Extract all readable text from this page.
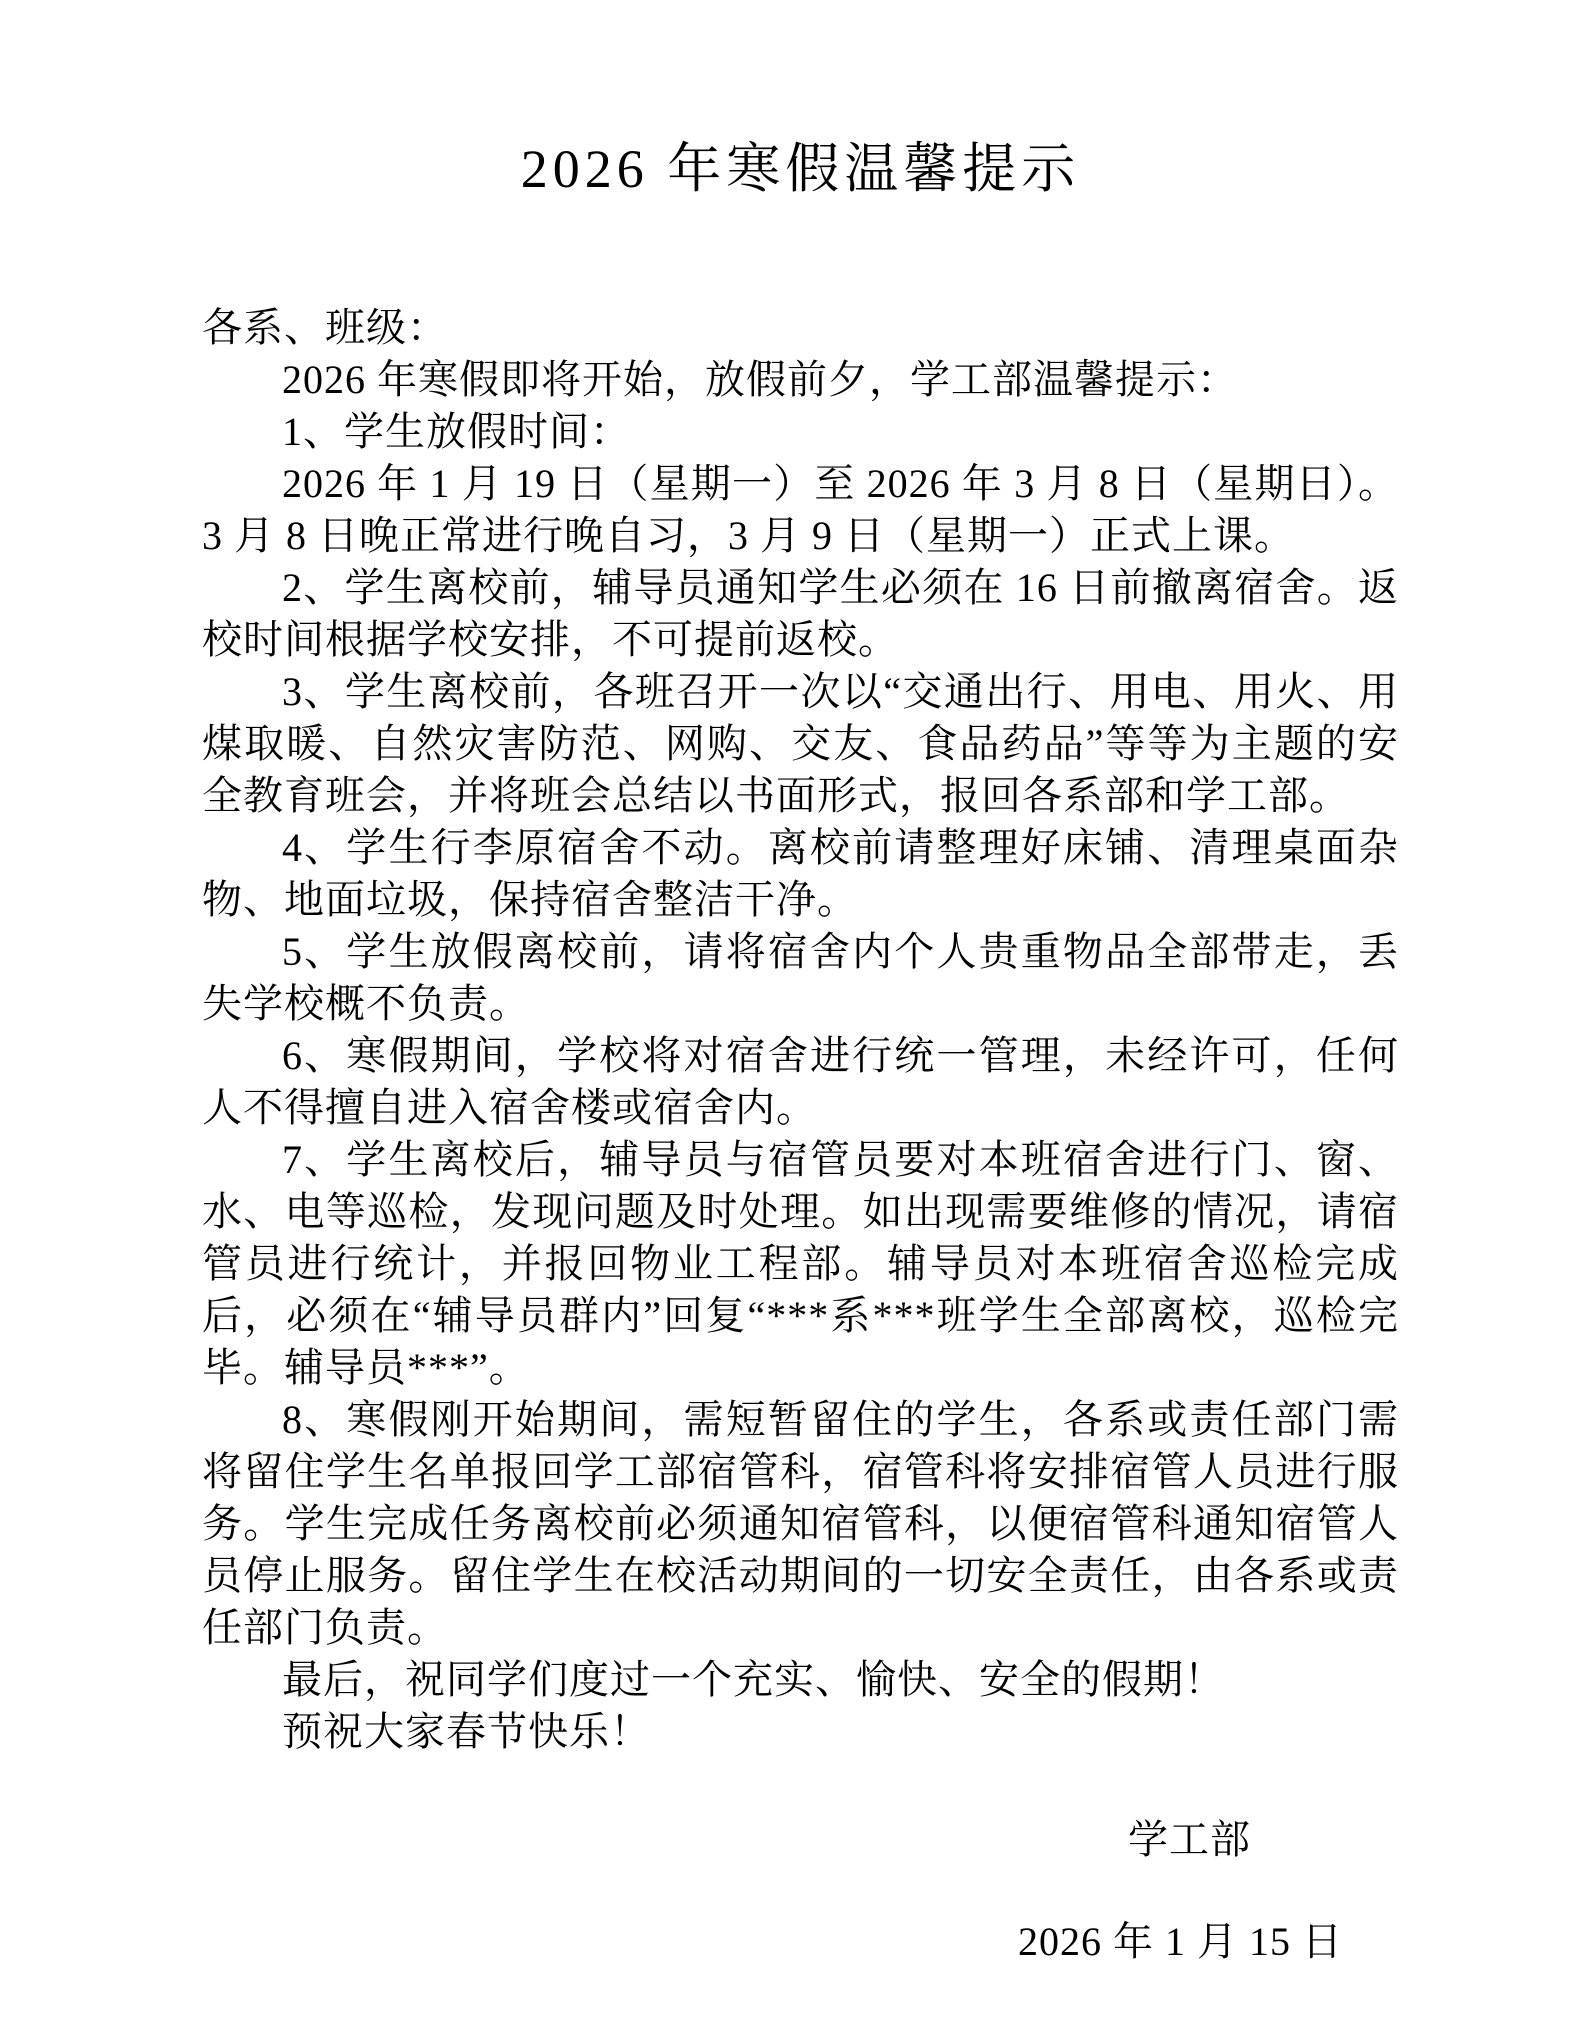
2026 年寒假温馨提示

各系、班级：

2026 年寒假即将开始，放假前夕，学工部温馨提示：

1、学生放假时间：

2026 年 1 月 19 日（星期一）至 2026 年 3 月 8 日（星期日）。3 月 8 日晚正常进行晚自习，3 月 9 日（星期一）正式上课。

2、学生离校前，辅导员通知学生必须在 16 日前撤离宿舍。返校时间根据学校安排，不可提前返校。

3、学生离校前，各班召开一次以“交通出行、用电、用火、用煤取暖、自然灾害防范、网购、交友、食品药品”等等为主题的安全教育班会，并将班会总结以书面形式，报回各系部和学工部。

4、学生行李原宿舍不动。离校前请整理好床铺、清理桌面杂物、地面垃圾，保持宿舍整洁干净。

5、学生放假离校前，请将宿舍内个人贵重物品全部带走，丢失学校概不负责。

6、寒假期间，学校将对宿舍进行统一管理，未经许可，任何人不得擅自进入宿舍楼或宿舍内。

7、学生离校后，辅导员与宿管员要对本班宿舍进行门、窗、水、电等巡检，发现问题及时处理。如出现需要维修的情况，请宿管员进行统计，并报回物业工程部。辅导员对本班宿舍巡检完成后，必须在“辅导员群内”回复“***系***班学生全部离校，巡检完毕。辅导员***”。

8、寒假刚开始期间，需短暂留住的学生，各系或责任部门需将留住学生名单报回学工部宿管科，宿管科将安排宿管人员进行服务。学生完成任务离校前必须通知宿管科，以便宿管科通知宿管人员停止服务。留住学生在校活动期间的一切安全责任，由各系或责任部门负责。

最后，祝同学们度过一个充实、愉快、安全的假期！

预祝大家春节快乐！

学工部

2026 年 1 月 15 日
